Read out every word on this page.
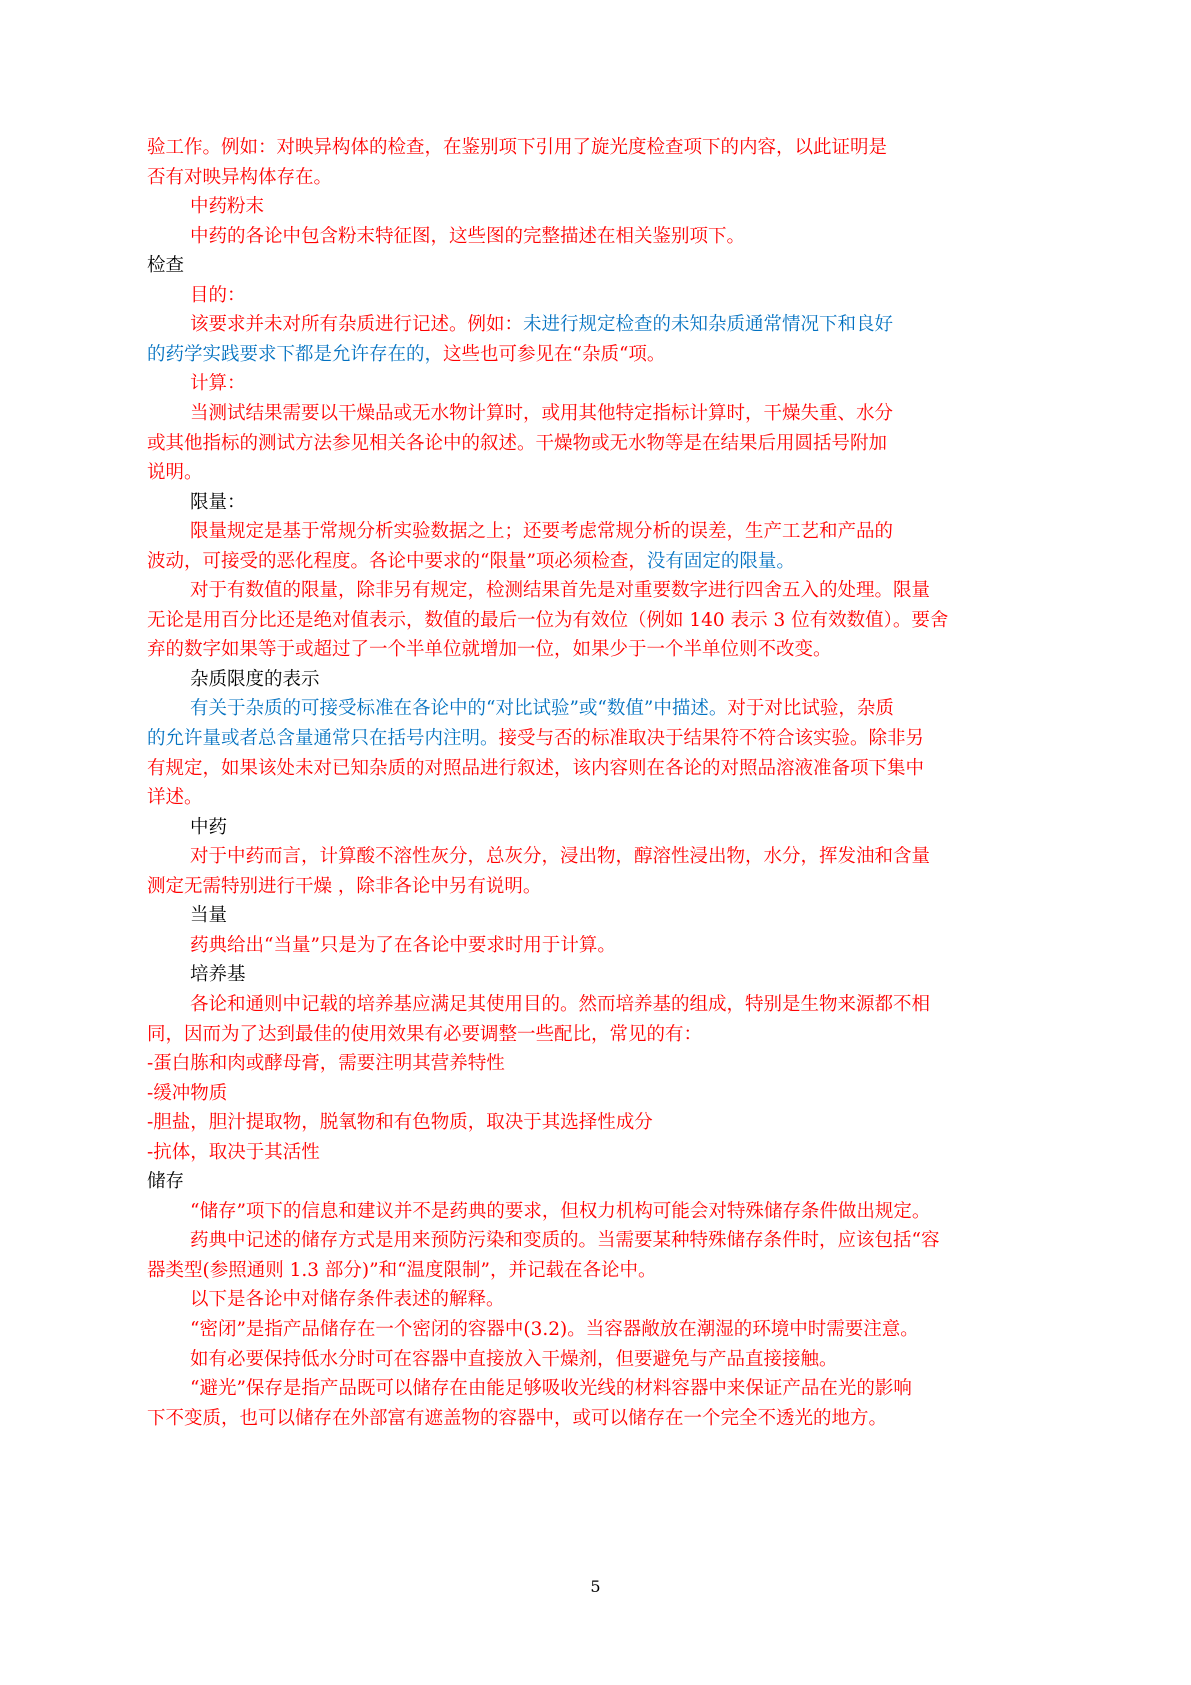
验工作。例如：对映异构体的检查，在鉴别项下引用了旋光度检查项下的内容，以此证明是
否有对映异构体存在。
中药粉末
中药的各论中包含粉末特征图，这些图的完整描述在相关鉴别项下。
检查
目的：
该要求并未对所有杂质进行记述。例如：未进行规定检查的未知杂质通常情况下和良好
的药学实践要求下都是允许存在的，这些也可参见在“杂质“项。
计算：
当测试结果需要以干燥品或无水物计算时，或用其他特定指标计算时，干燥失重、水分
或其他指标的测试方法参见相关各论中的叙述。干燥物或无水物等是在结果后用圆括号附加
说明。
限量：
限量规定是基于常规分析实验数据之上；还要考虑常规分析的误差，生产工艺和产品的
波动，可接受的恶化程度。各论中要求的“限量”项必须检查，没有固定的限量。
对于有数值的限量，除非另有规定，检测结果首先是对重要数字进行四舍五入的处理。限量
无论是用百分比还是绝对值表示，数值的最后一位为有效位（例如 140 表示 3 位有效数值）。要舍
弃的数字如果等于或超过了一个半单位就增加一位，如果少于一个半单位则不改变。
杂质限度的表示
有关于杂质的可接受标准在各论中的“对比试验”或“数值”中描述。对于对比试验，杂质
的允许量或者总含量通常只在括号内注明。接受与否的标准取决于结果符不符合该实验。除非另
有规定，如果该处未对已知杂质的对照品进行叙述，该内容则在各论的对照品溶液准备项下集中
详述。
中药
对于中药而言，计算酸不溶性灰分，总灰分，浸出物，醇溶性浸出物，水分，挥发油和含量
测定无需特别进行干燥 ，除非各论中另有说明。
当量
药典给出“当量”只是为了在各论中要求时用于计算。
培养基
各论和通则中记载的培养基应满足其使用目的。然而培养基的组成，特别是生物来源都不相
同，因而为了达到最佳的使用效果有必要调整一些配比，常见的有：
-蛋白胨和肉或酵母膏，需要注明其营养特性
-缓冲物质
-胆盐，胆汁提取物，脱氧物和有色物质，取决于其选择性成分
-抗体，取决于其活性
储存
“储存”项下的信息和建议并不是药典的要求，但权力机构可能会对特殊储存条件做出规定。
药典中记述的储存方式是用来预防污染和变质的。当需要某种特殊储存条件时，应该包括“容
器类型(参照通则 1.3 部分)”和“温度限制”，并记载在各论中。
以下是各论中对储存条件表述的解释。
“密闭”是指产品储存在一个密闭的容器中(3.2)。当容器敞放在潮湿的环境中时需要注意。
如有必要保持低水分时可在容器中直接放入干燥剂，但要避免与产品直接接触。
“避光”保存是指产品既可以储存在由能足够吸收光线的材料容器中来保证产品在光的影响
下不变质，也可以储存在外部富有遮盖物的容器中，或可以储存在一个完全不透光的地方。
5
